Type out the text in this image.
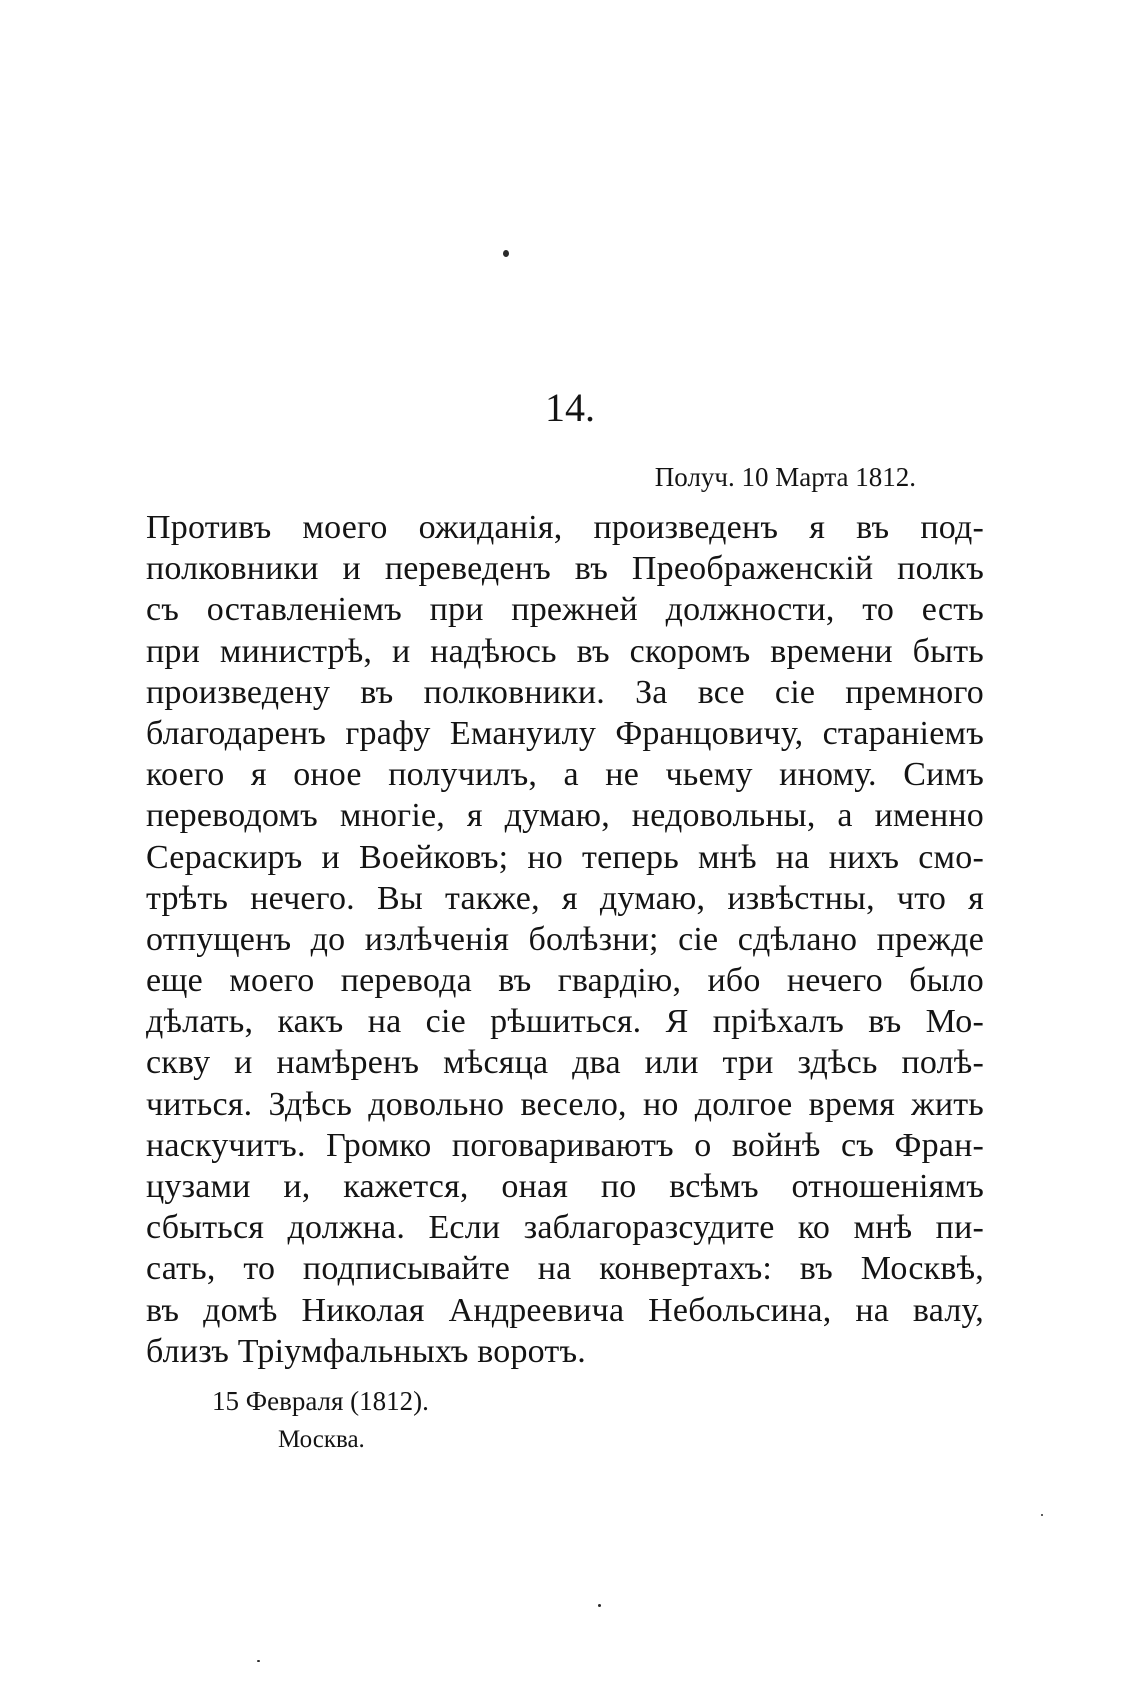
14.
Получ. 10 Марта 1812.
Противъ моего ожиданія, произведенъ я въ под-
полковники и переведенъ въ Преображенскій полкъ
съ оставленіемъ при прежней должности, то есть
при министрѣ, и надѣюсь въ скоромъ времени быть
произведену въ полковники. За все сіе премного
благодаренъ графу Емануилу Францовичу, стараніемъ
коего я оное получилъ, а не чьему иному. Симъ
переводомъ многіе, я думаю, недовольны, а именно
Сераскиръ и Воейковъ; но теперь мнѣ на нихъ смо-
трѣть нечего. Вы также, я думаю, извѣстны, что я
отпущенъ до излѣченія болѣзни; сіе сдѣлано прежде
еще моего перевода въ гвардію, ибо нечего было
дѣлать, какъ на сіе рѣшиться. Я пріѣхалъ въ Мо-
скву и намѣренъ мѣсяца два или три здѣсь полѣ-
читься. Здѣсь довольно весело, но долгое время жить
наскучитъ. Громко поговариваютъ о войнѣ съ Фран-
цузами и, кажется, оная по всѣмъ отношеніямъ
сбыться должна. Если заблагоразсудите ко мнѣ пи-
сать, то подписывайте на конвертахъ: въ Москвѣ,
въ домѣ Николая Андреевича Небольсина, на валу,
близъ Тріумфальныхъ воротъ.
15 Февраля (1812).
Москва.
